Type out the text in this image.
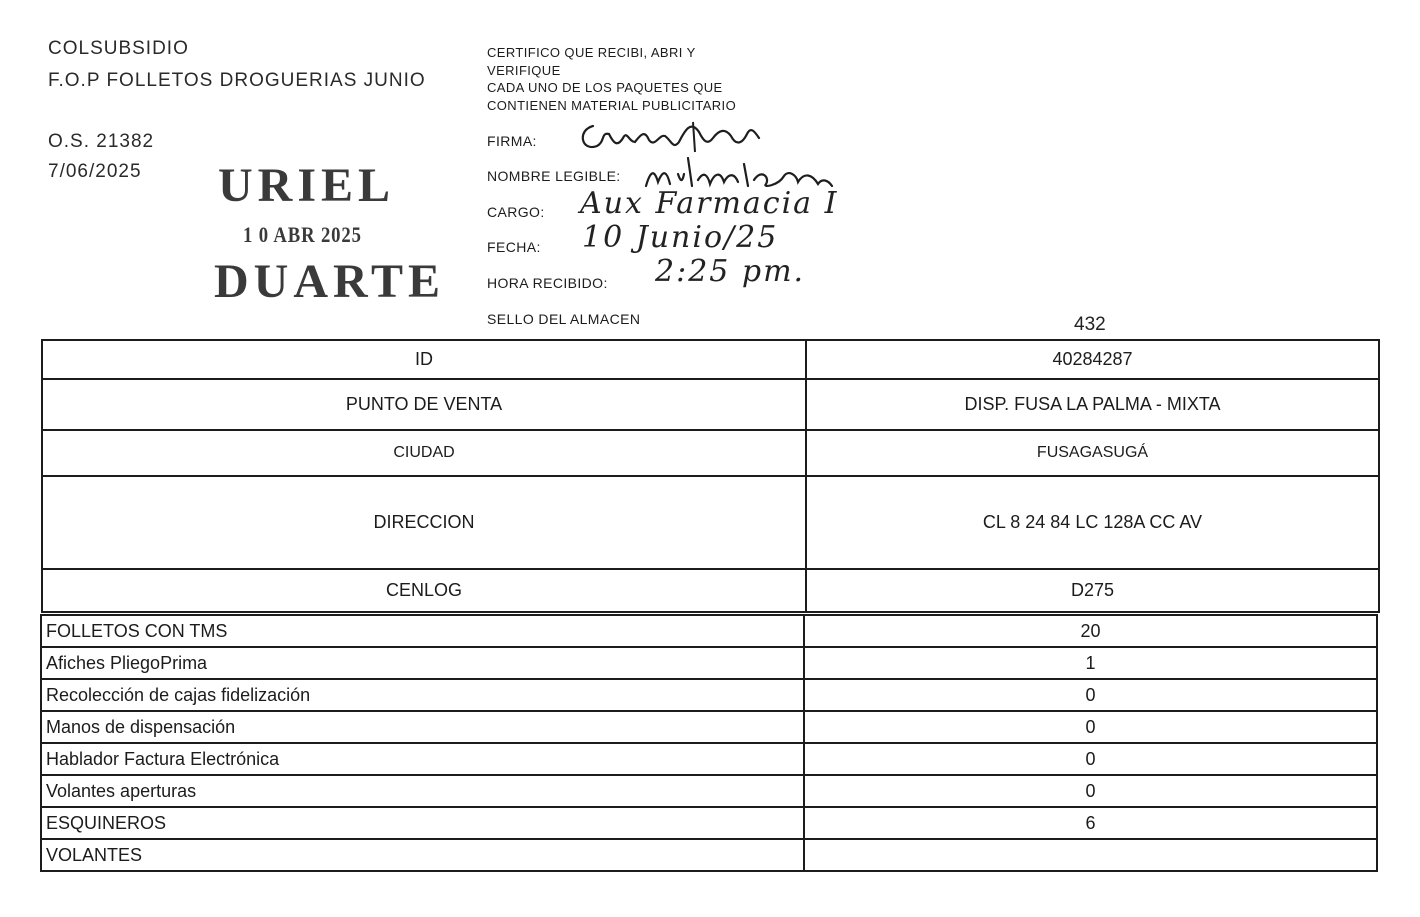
COLSUBSIDIO
F.O.P FOLLETOS DROGUERIAS JUNIO
O.S. 21382
7/06/2025 URIEL
1 0 ABR 2025
DUARTE
CERTIFICO QUE RECIBI, ABRI Y
VERIFIQUE
CADA UNO DE LOS PAQUETES QUE
CONTIENEN MATERIAL PUBLICITARIO
FIRMA:
NOMBRE LEGIBLE:
CARGO: Aux Farmacia I
FECHA: 10 Junio/25
HORA RECIBIDO: 2:25 pm.
SELLO DEL ALMACEN	432
ID	40284287
PUNTO DE VENTA	DISP. FUSA LA PALMA - MIXTA
CIUDAD	FUSAGASUGÁ
DIRECCION	CL 8 24 84 LC 128A CC AV
CENLOG	D275
FOLLETOS CON TMS	20
Afiches PliegoPrima	1
Recolección de cajas fidelización	0
Manos de dispensación	0
Hablador Factura Electrónica	0
Volantes aperturas	0
ESQUINEROS	6
VOLANTES	
